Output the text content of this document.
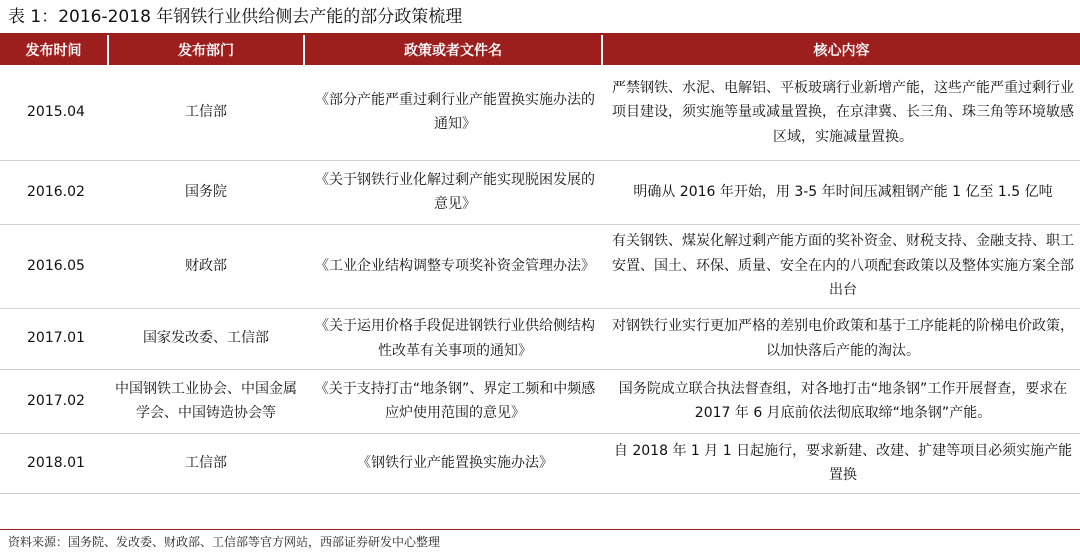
表 1：2016-2018 年钢铁行业供给侧去产能的部分政策梳理
发布时间	发布部门	政策或者文件名	核心内容
2015.04	工信部	《部分产能严重过剩行业产能置换实施办法的通知》	严禁钢铁、水泥、电解铝、平板玻璃行业新增产能，这些产能严重过剩行业项目建设，须实施等量或减量置换，在京津冀、长三角、珠三角等环境敏感区域，实施减量置换。
2016.02	国务院	《关于钢铁行业化解过剩产能实现脱困发展的意见》	明确从 2016 年开始，用 3-5 年时间压减粗钢产能 1 亿至 1.5 亿吨
2016.05	财政部	《工业企业结构调整专项奖补资金管理办法》	有关钢铁、煤炭化解过剩产能方面的奖补资金、财税支持、金融支持、职工安置、国土、环保、质量、安全在内的八项配套政策以及整体实施方案全部出台
2017.01	国家发改委、工信部	《关于运用价格手段促进钢铁行业供给侧结构性改革有关事项的通知》	对钢铁行业实行更加严格的差别电价政策和基于工序能耗的阶梯电价政策，以加快落后产能的淘汰。
2017.02	中国钢铁工业协会、中国金属学会、中国铸造协会等	《关于支持打击“地条钢”、界定工频和中频感应炉使用范围的意见》	国务院成立联合执法督查组，对各地打击“地条钢”工作开展督查，要求在 2017 年 6 月底前依法彻底取缔“地条钢”产能。
2018.01	工信部	《钢铁行业产能置换实施办法》	自 2018 年 1 月 1 日起施行，要求新建、改建、扩建等项目必须实施产能置换
资料来源：国务院、发改委、财政部、工信部等官方网站，西部证券研发中心整理
